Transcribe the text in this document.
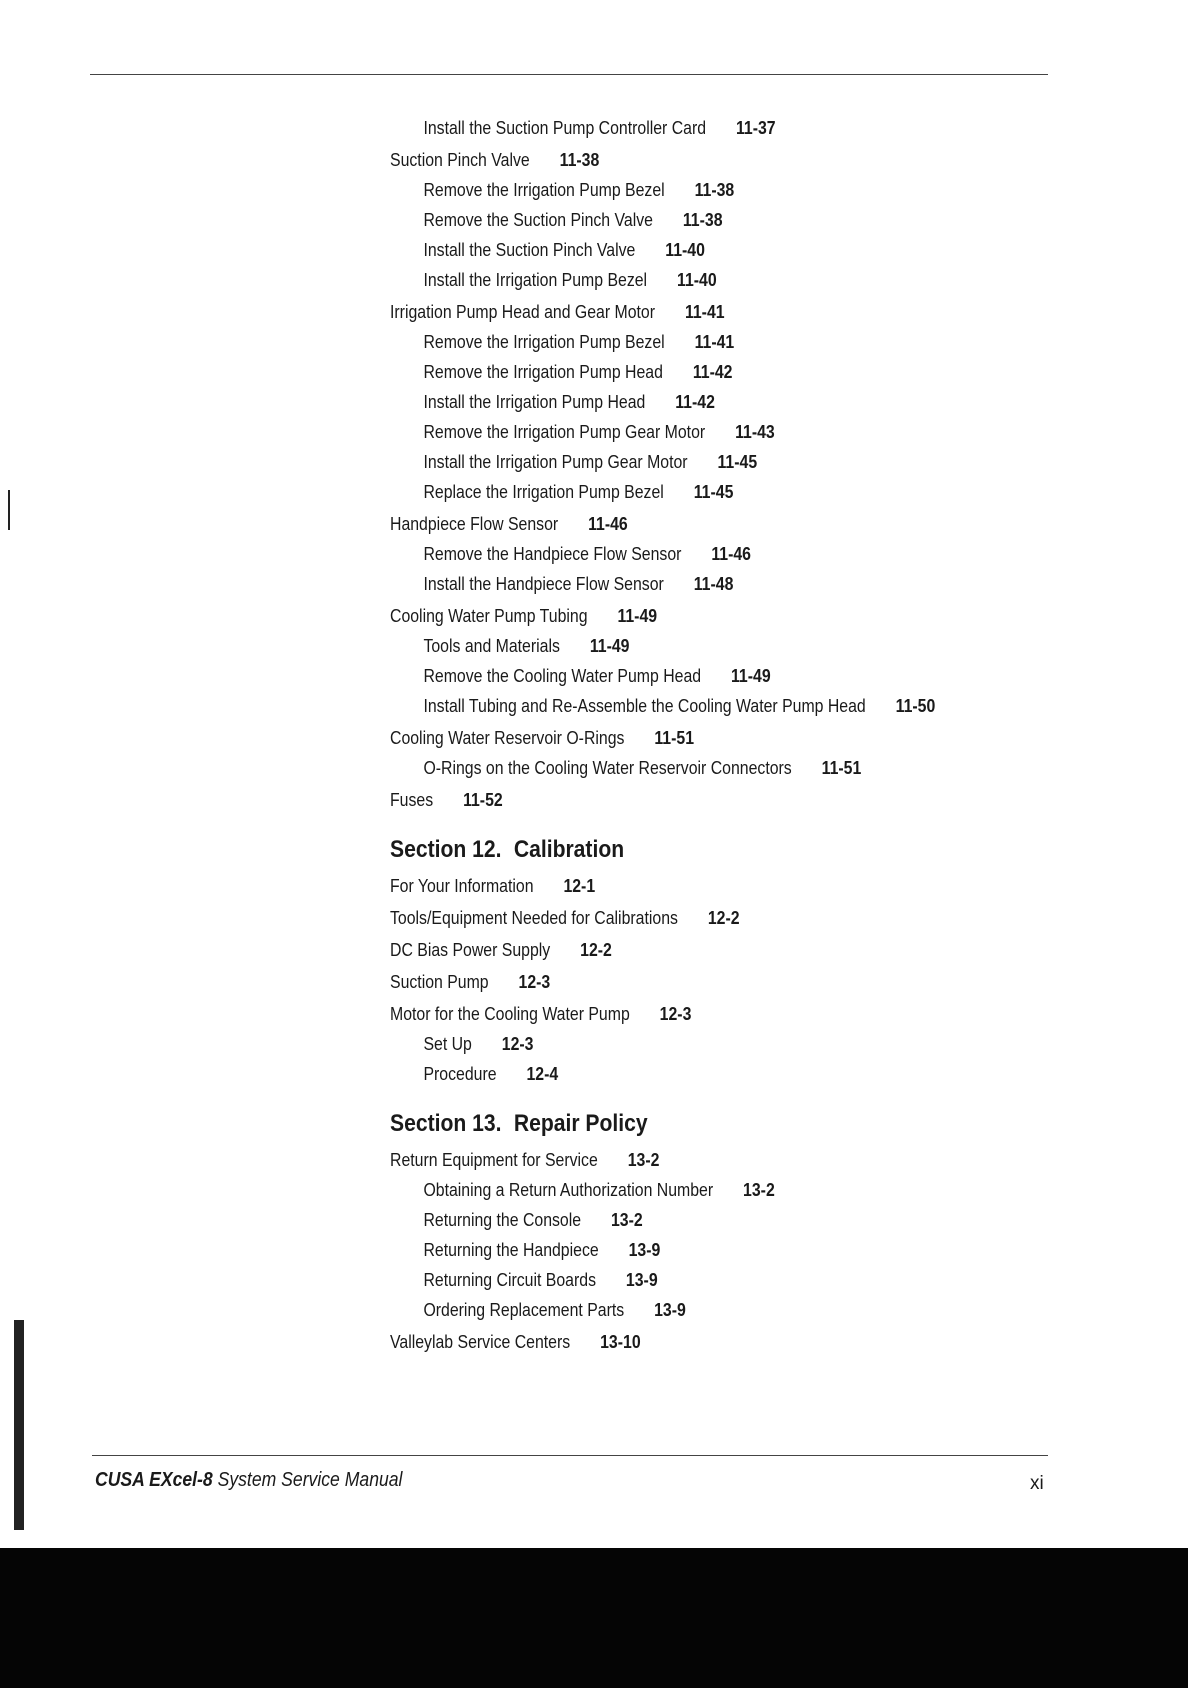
Install the Suction Pump Controller Card 11-37
Suction Pinch Valve 11-38
Remove the Irrigation Pump Bezel 11-38
Remove the Suction Pinch Valve 11-38
Install the Suction Pinch Valve 11-40
Install the Irrigation Pump Bezel 11-40
Irrigation Pump Head and Gear Motor 11-41
Remove the Irrigation Pump Bezel 11-41
Remove the Irrigation Pump Head 11-42
Install the Irrigation Pump Head 11-42
Remove the Irrigation Pump Gear Motor 11-43
Install the Irrigation Pump Gear Motor 11-45
Replace the Irrigation Pump Bezel 11-45
Handpiece Flow Sensor 11-46
Remove the Handpiece Flow Sensor 11-46
Install the Handpiece Flow Sensor 11-48
Cooling Water Pump Tubing 11-49
Tools and Materials 11-49
Remove the Cooling Water Pump Head 11-49
Install Tubing and Re-Assemble the Cooling Water Pump Head 11-50
Cooling Water Reservoir O-Rings 11-51
O-Rings on the Cooling Water Reservoir Connectors 11-51
Fuses 11-52
Section 12. Calibration
For Your Information 12-1
Tools/Equipment Needed for Calibrations 12-2
DC Bias Power Supply 12-2
Suction Pump 12-3
Motor for the Cooling Water Pump 12-3
Set Up 12-3
Procedure 12-4
Section 13. Repair Policy
Return Equipment for Service 13-2
Obtaining a Return Authorization Number 13-2
Returning the Console 13-2
Returning the Handpiece 13-9
Returning Circuit Boards 13-9
Ordering Replacement Parts 13-9
Valleylab Service Centers 13-10
CUSA EXcel-8 System Service Manual	xi
